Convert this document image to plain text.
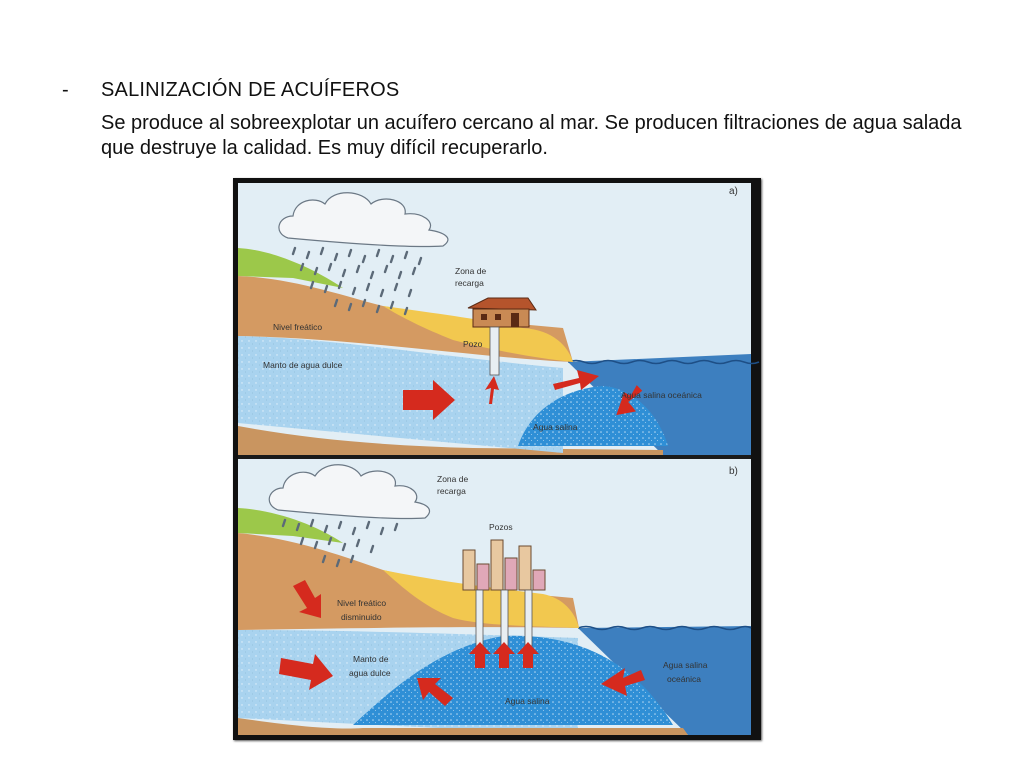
- SALINIZACIÓN DE ACUÍFEROS
Se produce al sobreexplotar un acuífero cercano al mar. Se producen filtraciones de agua salada que destruye la calidad. Es muy difícil recuperarlo.
a)
Zona de
recarga
Nivel freático
Pozo
Manto de agua dulce
Agua salina oceánica
Agua salina
b)
Zona de
recarga
Pozos
Nivel freático
disminuido
Manto de
agua dulce
Agua salina
oceánica
Agua salina
